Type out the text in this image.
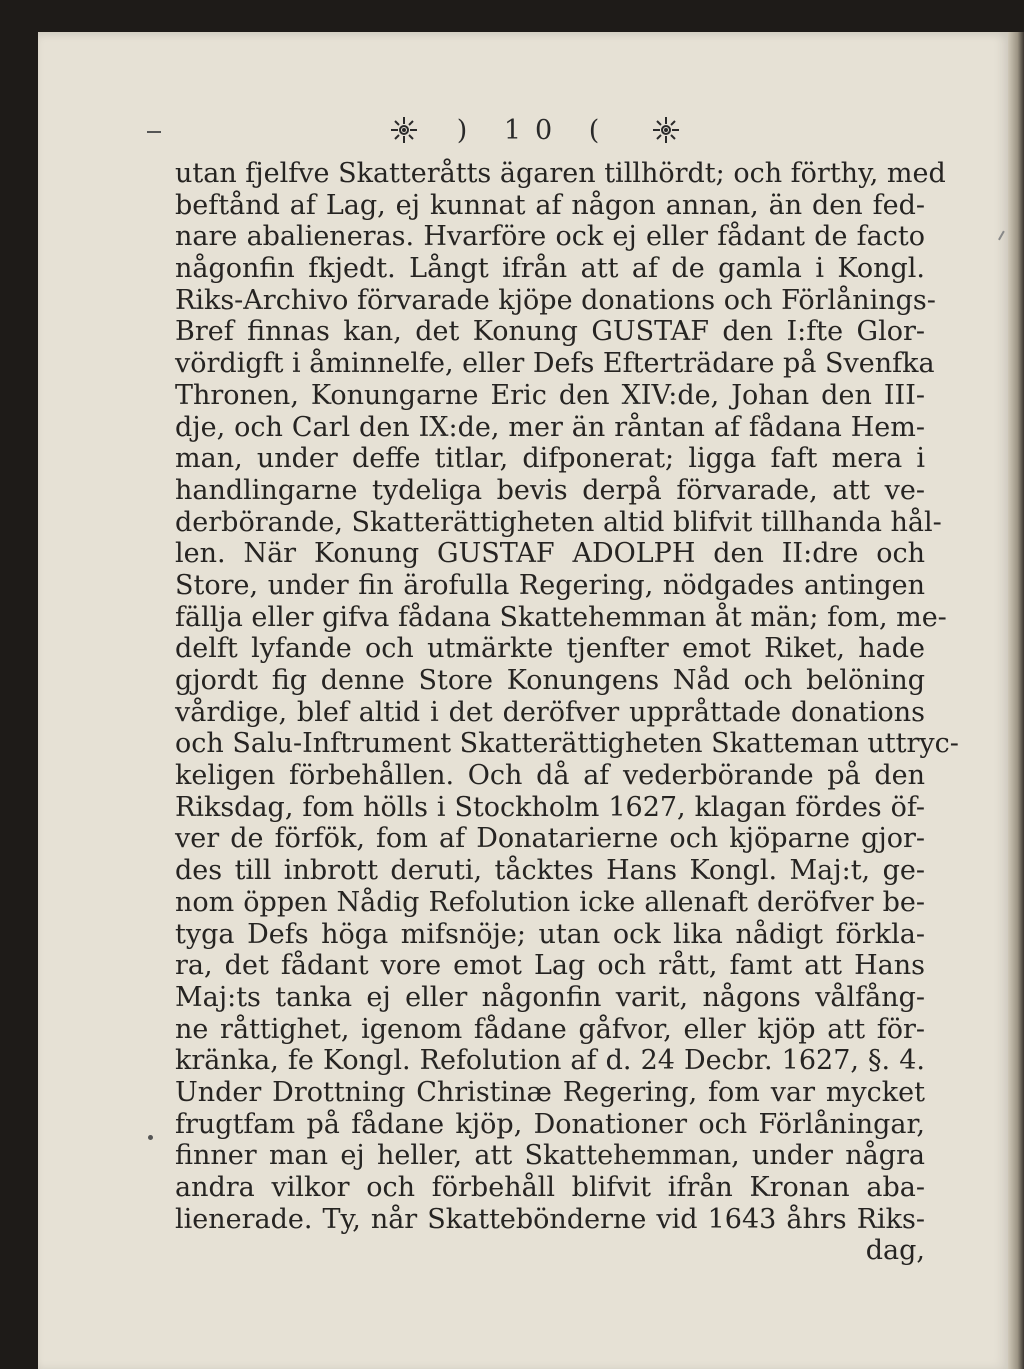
) 10 (
utan fjelfve Skatteråtts ägaren tillhördt; och förthy, med
beftånd af Lag, ej kunnat af någon annan, än den fed-
nare abalieneras. Hvarföre ock ej eller fådant de facto
någonfin fkjedt. Långt ifrån att af de gamla i Kongl.
Riks-Archivo förvarade kjöpe donations och Förlånings-
Bref finnas kan, det Konung GUSTAF den I:fte Glor-
vördigft i åminnelfe, eller Defs Efterträdare på Svenfka
Thronen, Konungarne Eric den XIV:de, Johan den III-
dje, och Carl den IX:de, mer än råntan af fådana Hem-
man, under deffe titlar, difponerat; ligga faft mera i
handlingarne tydeliga bevis derpå förvarade, att ve-
derbörande, Skatterättigheten altid blifvit tillhanda hål-
len. När Konung GUSTAF ADOLPH den II:dre och
Store, under fin ärofulla Regering, nödgades antingen
fällja eller gifva fådana Skattehemman åt män; fom, me-
delft lyfande och utmärkte tjenfter emot Riket, hade
gjordt fig denne Store Konungens Nåd och belöning
vårdige, blef altid i det deröfver uppråttade donations
och Salu-Inftrument Skatterättigheten Skatteman uttryc-
keligen förbehållen. Och då af vederbörande på den
Riksdag, fom hölls i Stockholm 1627, klagan fördes öf-
ver de förfök, fom af Donatarierne och kjöparne gjor-
des till inbrott deruti, tåcktes Hans Kongl. Maj:t, ge-
nom öppen Nådig Refolution icke allenaft deröfver be-
tyga Defs höga mifsnöje; utan ock lika nådigt förkla-
ra, det fådant vore emot Lag och rått, famt att Hans
Maj:ts tanka ej eller någonfin varit, någons vålfång-
ne råttighet, igenom fådane gåfvor, eller kjöp att för-
kränka, fe Kongl. Refolution af d. 24 Decbr. 1627, §. 4.
Under Drottning Christinæ Regering, fom var mycket
frugtfam på fådane kjöp, Donationer och Förlåningar,
finner man ej heller, att Skattehemman, under några
andra vilkor och förbehåll blifvit ifrån Kronan aba-
lienerade. Ty, når Skattebönderne vid 1643 åhrs Riks-
dag,
